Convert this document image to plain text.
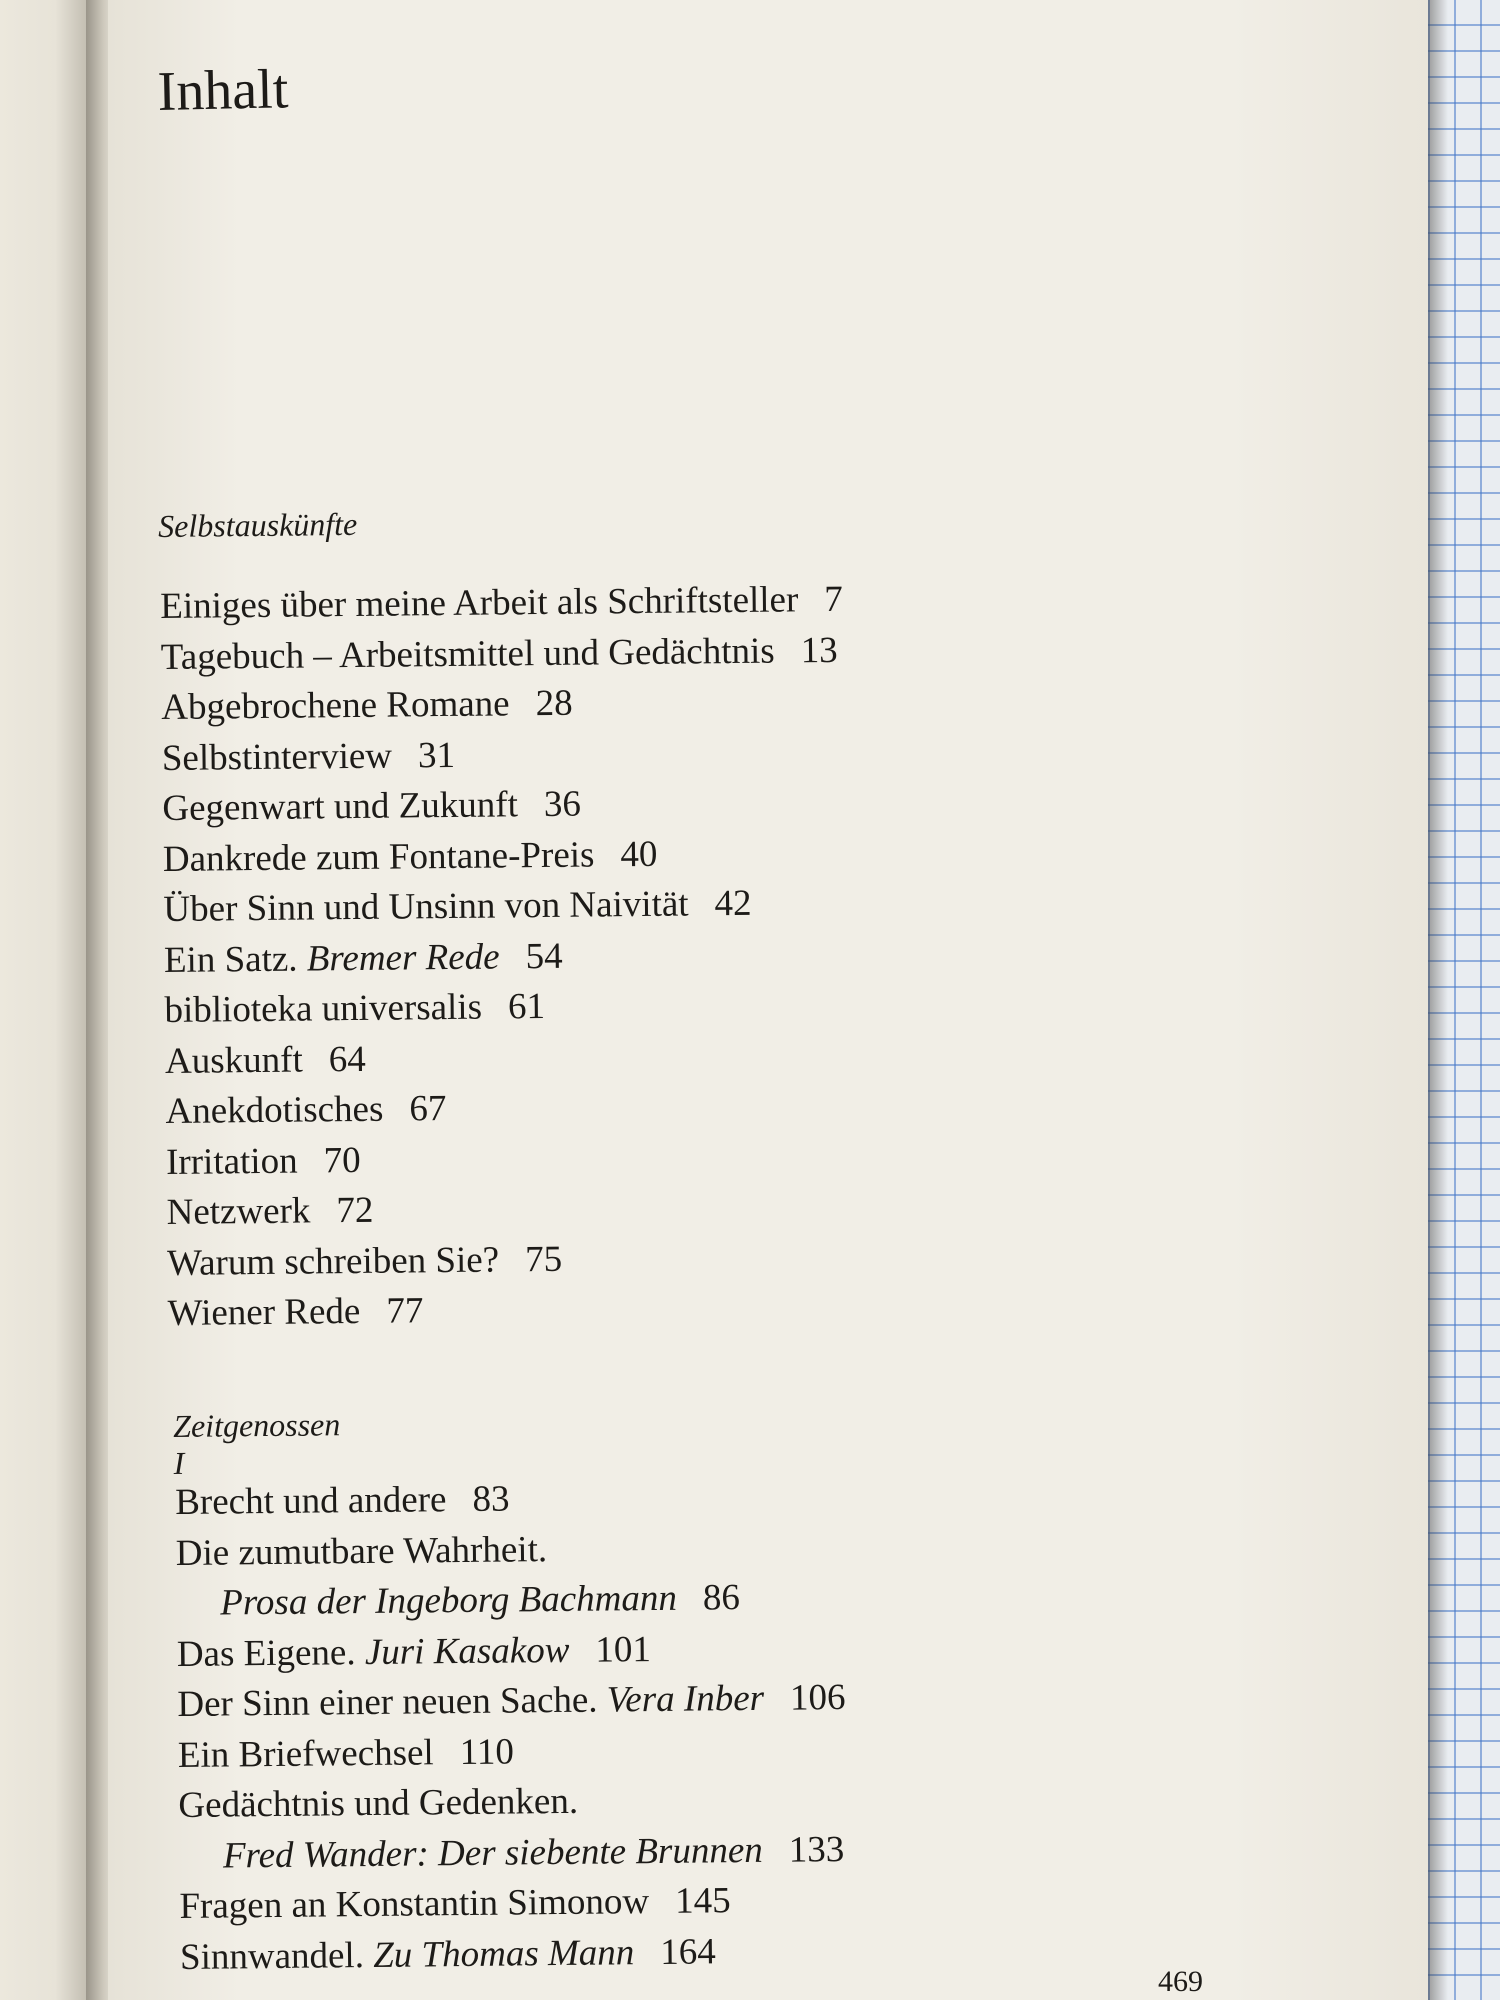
Inhalt
Selbstauskünfte
Einiges über meine Arbeit als Schriftsteller 7
Tagebuch – Arbeitsmittel und Gedächtnis 13
Abgebrochene Romane 28
Selbstinterview 31
Gegenwart und Zukunft 36
Dankrede zum Fontane-Preis 40
Über Sinn und Unsinn von Naivität 42
Ein Satz. Bremer Rede 54
biblioteka universalis 61
Auskunft 64
Anekdotisches 67
Irritation 70
Netzwerk 72
Warum schreiben Sie? 75
Wiener Rede 77
Zeitgenossen I
Brecht und andere 83
Die zumutbare Wahrheit.
Prosa der Ingeborg Bachmann 86
Das Eigene. Juri Kasakow 101
Der Sinn einer neuen Sache. Vera Inber 106
Ein Briefwechsel 110
Gedächtnis und Gedenken.
Fred Wander: Der siebente Brunnen 133
Fragen an Konstantin Simonow 145
Sinnwandel. Zu Thomas Mann 164
469
